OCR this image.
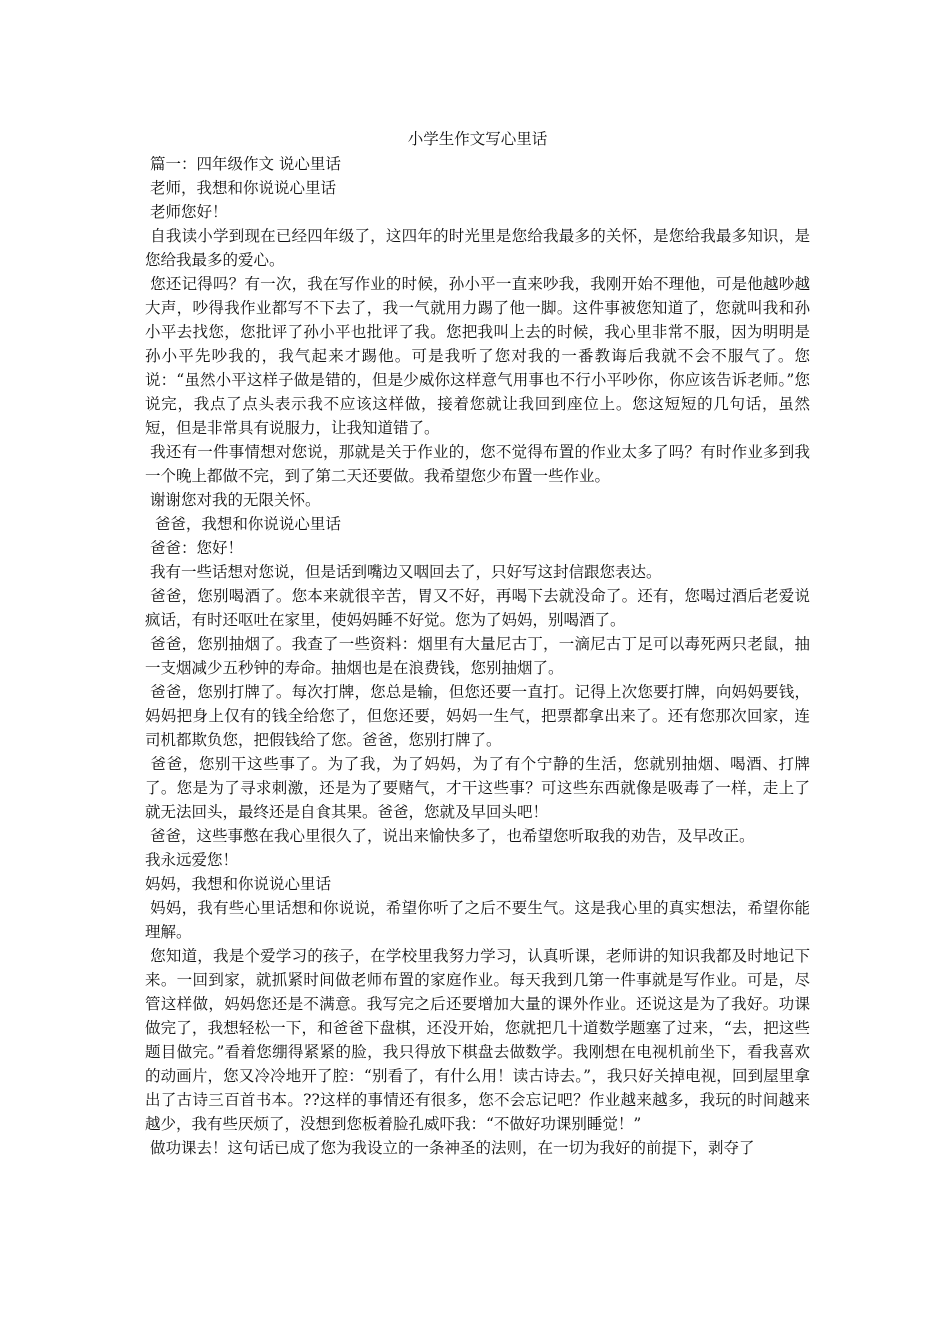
小学生作文写心里话

篇一：四年级作文 说心里话

老师，我想和你说说心里话

老师您好！

自我读小学到现在已经四年级了，这四年的时光里是您给我最多的关怀，是您给我最多知识，是您给我最多的爱心。

您还记得吗？有一次，我在写作业的时候，孙小平一直来吵我，我刚开始不理他，可是他越吵越大声，吵得我作业都写不下去了，我一气就用力踢了他一脚。这件事被您知道了，您就叫我和孙小平去找您，您批评了孙小平也批评了我。您把我叫上去的时候，我心里非常不服，因为明明是孙小平先吵我的，我气起来才踢他。可是我听了您对我的一番教诲后我就不会不服气了。您说：“虽然小平这样子做是错的，但是少威你这样意气用事也不行小平吵你，你应该告诉老师。”您说完，我点了点头表示我不应该这样做，接着您就让我回到座位上。您这短短的几句话，虽然短，但是非常具有说服力，让我知道错了。

我还有一件事情想对您说，那就是关于作业的，您不觉得布置的作业太多了吗？有时作业多到我一个晚上都做不完，到了第二天还要做。我希望您少布置一些作业。

谢谢您对我的无限关怀。

爸爸，我想和你说说心里话

爸爸：您好！

我有一些话想对您说，但是话到嘴边又咽回去了，只好写这封信跟您表达。

爸爸，您别喝酒了。您本来就很辛苦，胃又不好，再喝下去就没命了。还有，您喝过酒后老爱说疯话，有时还呕吐在家里，使妈妈睡不好觉。您为了妈妈，别喝酒了。

爸爸，您别抽烟了。我查了一些资料：烟里有大量尼古丁，一滴尼古丁足可以毒死两只老鼠，抽一支烟减少五秒钟的寿命。抽烟也是在浪费钱，您别抽烟了。

爸爸，您别打牌了。每次打牌，您总是输，但您还要一直打。记得上次您要打牌，向妈妈要钱，妈妈把身上仅有的钱全给您了，但您还要，妈妈一生气，把票都拿出来了。还有您那次回家，连司机都欺负您，把假钱给了您。爸爸，您别打牌了。

爸爸，您别干这些事了。为了我，为了妈妈，为了有个宁静的生活，您就别抽烟、喝酒、打牌了。您是为了寻求刺激，还是为了要赌气，才干这些事？可这些东西就像是吸毒了一样，走上了就无法回头，最终还是自食其果。爸爸，您就及早回头吧！

爸爸，这些事憋在我心里很久了，说出来愉快多了，也希望您听取我的劝告，及早改正。

我永远爱您！

妈妈，我想和你说说心里话

妈妈，我有些心里话想和你说说，希望你听了之后不要生气。这是我心里的真实想法，希望你能理解。

您知道，我是个爱学习的孩子，在学校里我努力学习，认真听课，老师讲的知识我都及时地记下来。一回到家，就抓紧时间做老师布置的家庭作业。每天我到几第一件事就是写作业。可是，尽管这样做，妈妈您还是不满意。我写完之后还要增加大量的课外作业。还说这是为了我好。功课做完了，我想轻松一下，和爸爸下盘棋，还没开始，您就把几十道数学题塞了过来，“去，把这些题目做完。”看着您绷得紧紧的脸，我只得放下棋盘去做数学。我刚想在电视机前坐下，看我喜欢的动画片，您又冷冷地开了腔：“别看了，有什么用！读古诗去。”，我只好关掉电视，回到屋里拿出了古诗三百首书本。??这样的事情还有很多，您不会忘记吧？作业越来越多，我玩的时间越来越少，我有些厌烦了，没想到您板着脸孔威吓我：“不做好功课别睡觉！”

做功课去！这句话已成了您为我设立的一条神圣的法则，在一切为我好的前提下，剥夺了
